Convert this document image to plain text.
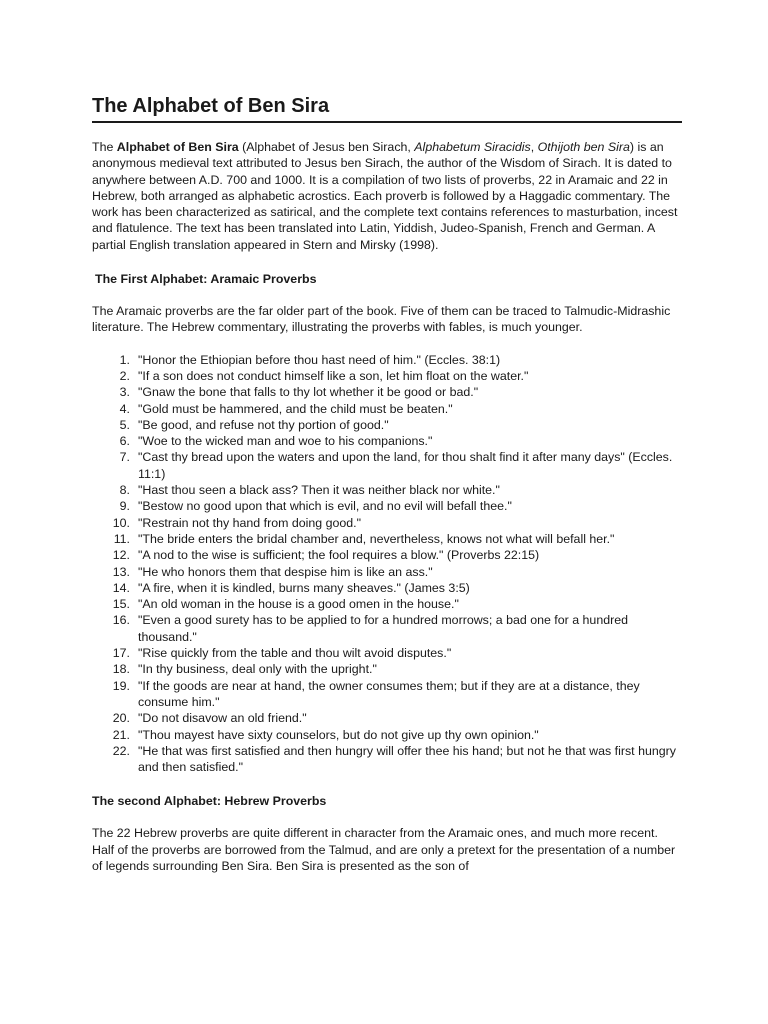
The Alphabet of Ben Sira

The Alphabet of Ben Sira (Alphabet of Jesus ben Sirach, Alphabetum Siracidis, Othijoth ben Sira) is an anonymous medieval text attributed to Jesus ben Sirach, the author of the Wisdom of Sirach. It is dated to anywhere between A.D. 700 and 1000. It is a compilation of two lists of proverbs, 22 in Aramaic and 22 in Hebrew, both arranged as alphabetic acrostics. Each proverb is followed by a Haggadic commentary. The work has been characterized as satirical, and the complete text contains references to masturbation, incest and flatulence. The text has been translated into Latin, Yiddish, Judeo-Spanish, French and German. A partial English translation appeared in Stern and Mirsky (1998).

The First Alphabet: Aramaic Proverbs

The Aramaic proverbs are the far older part of the book. Five of them can be traced to Talmudic-Midrashic literature. The Hebrew commentary, illustrating the proverbs with fables, is much younger.

1. "Honor the Ethiopian before thou hast need of him." (Eccles. 38:1)
2. "If a son does not conduct himself like a son, let him float on the water."
3. "Gnaw the bone that falls to thy lot whether it be good or bad."
4. "Gold must be hammered, and the child must be beaten."
5. "Be good, and refuse not thy portion of good."
6. "Woe to the wicked man and woe to his companions."
7. "Cast thy bread upon the waters and upon the land, for thou shalt find it after many days" (Eccles. 11:1)
8. "Hast thou seen a black ass? Then it was neither black nor white."
9. "Bestow no good upon that which is evil, and no evil will befall thee."
10. "Restrain not thy hand from doing good."
11. "The bride enters the bridal chamber and, nevertheless, knows not what will befall her."
12. "A nod to the wise is sufficient; the fool requires a blow." (Proverbs 22:15)
13. "He who honors them that despise him is like an ass."
14. "A fire, when it is kindled, burns many sheaves." (James 3:5)
15. "An old woman in the house is a good omen in the house."
16. "Even a good surety has to be applied to for a hundred morrows; a bad one for a hundred thousand."
17. "Rise quickly from the table and thou wilt avoid disputes."
18. "In thy business, deal only with the upright."
19. "If the goods are near at hand, the owner consumes them; but if they are at a distance, they consume him."
20. "Do not disavow an old friend."
21. "Thou mayest have sixty counselors, but do not give up thy own opinion."
22. "He that was first satisfied and then hungry will offer thee his hand; but not he that was first hungry and then satisfied."
The second Alphabet: Hebrew Proverbs

The 22 Hebrew proverbs are quite different in character from the Aramaic ones, and much more recent. Half of the proverbs are borrowed from the Talmud, and are only a pretext for the presentation of a number of legends surrounding Ben Sira. Ben Sira is presented as the son of
